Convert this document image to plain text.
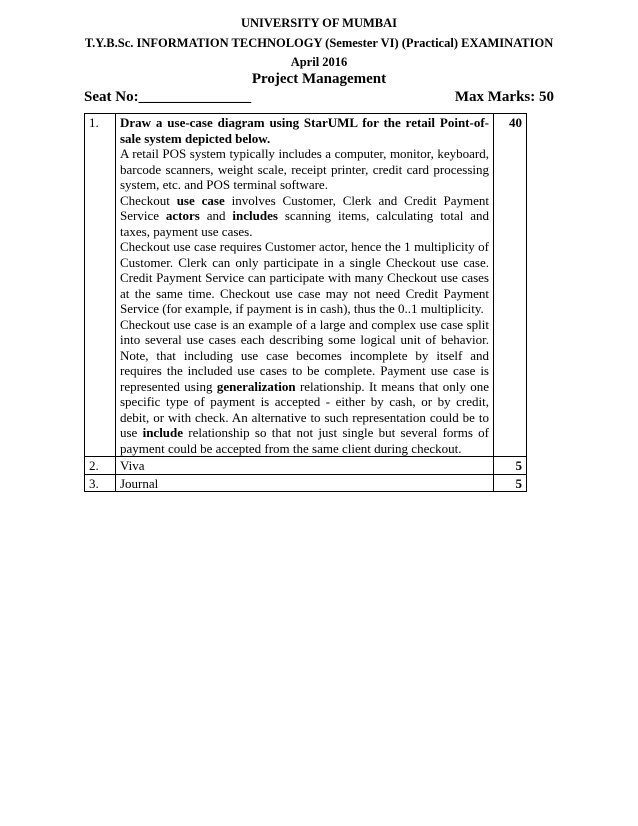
UNIVERSITY OF MUMBAI
T.Y.B.Sc. INFORMATION TECHNOLOGY (Semester VI) (Practical) EXAMINATION
April 2016
Project Management
Seat No:_______________	Max Marks: 50
1.	Draw a use-case diagram using StarUML for the retail Point-of-sale system depicted below.

A retail POS system typically includes a computer, monitor, keyboard, barcode scanners, weight scale, receipt printer, credit card processing system, etc. and POS terminal software.

Checkout use case involves Customer, Clerk and Credit Payment Service actors and includes scanning items, calculating total and taxes, payment use cases.

Checkout use case requires Customer actor, hence the 1 multiplicity of Customer. Clerk can only participate in a single Checkout use case. Credit Payment Service can participate with many Checkout use cases at the same time. Checkout use case may not need Credit Payment Service (for example, if payment is in cash), thus the 0..1 multiplicity.

Checkout use case is an example of a large and complex use case split into several use cases each describing some logical unit of behavior. Note, that including use case becomes incomplete by itself and requires the included use cases to be complete. Payment use case is represented using generalization relationship. It means that only one specific type of payment is accepted - either by cash, or by credit, debit, or with check. An alternative to such representation could be to use include relationship so that not just single but several forms of payment could be accepted from the same client during checkout.	40
2.	Viva	5
3.	Journal	5
